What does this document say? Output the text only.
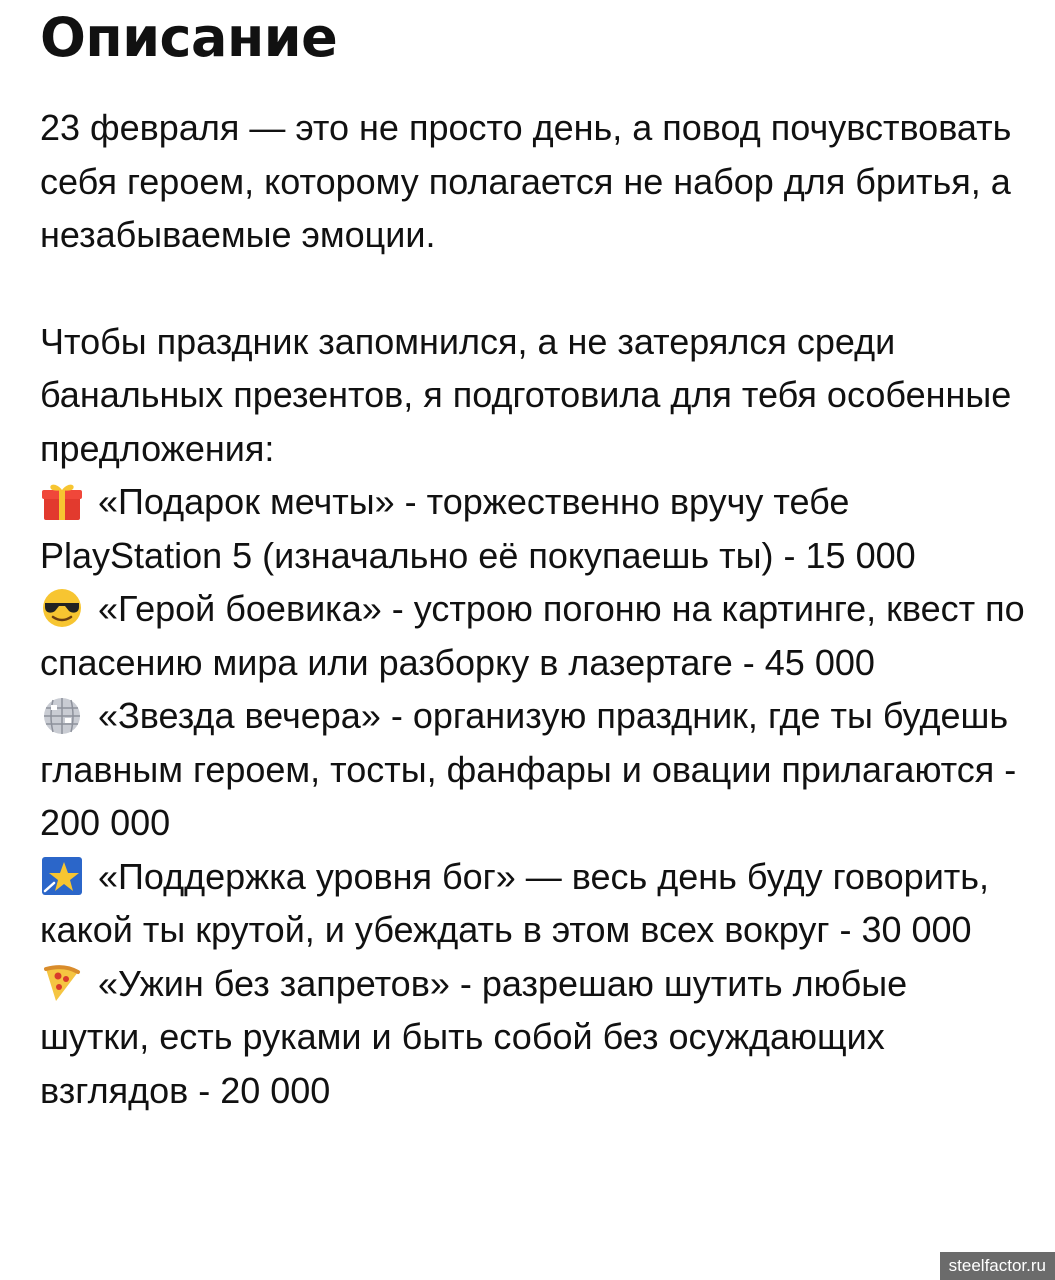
Описание

23 февраля — это не просто день, а повод почувствовать себя героем, которому полагается не набор для бритья, а незабываемые эмоции.

Чтобы праздник запомнился, а не затерялся среди банальных презентов, я подготовила для тебя особенные предложения:

«Подарок мечты» - торжественно вручу тебе PlayStation 5 (изначально её покупаешь ты) - 15 000

«Герой боевика» - устрою погоню на картинге, квест по спасению мира или разборку в лазертаге - 45 000

«Звезда вечера» - организую праздник, где ты будешь главным героем, тосты, фанфары и овации прилагаются - 200 000

«Поддержка уровня бог» — весь день буду говорить, какой ты крутой, и убеждать в этом всех вокруг - 30 000

«Ужин без запретов» - разрешаю шутить любые шутки, есть руками и быть собой без осуждающих взглядов - 20 000

steelfactor.ru
